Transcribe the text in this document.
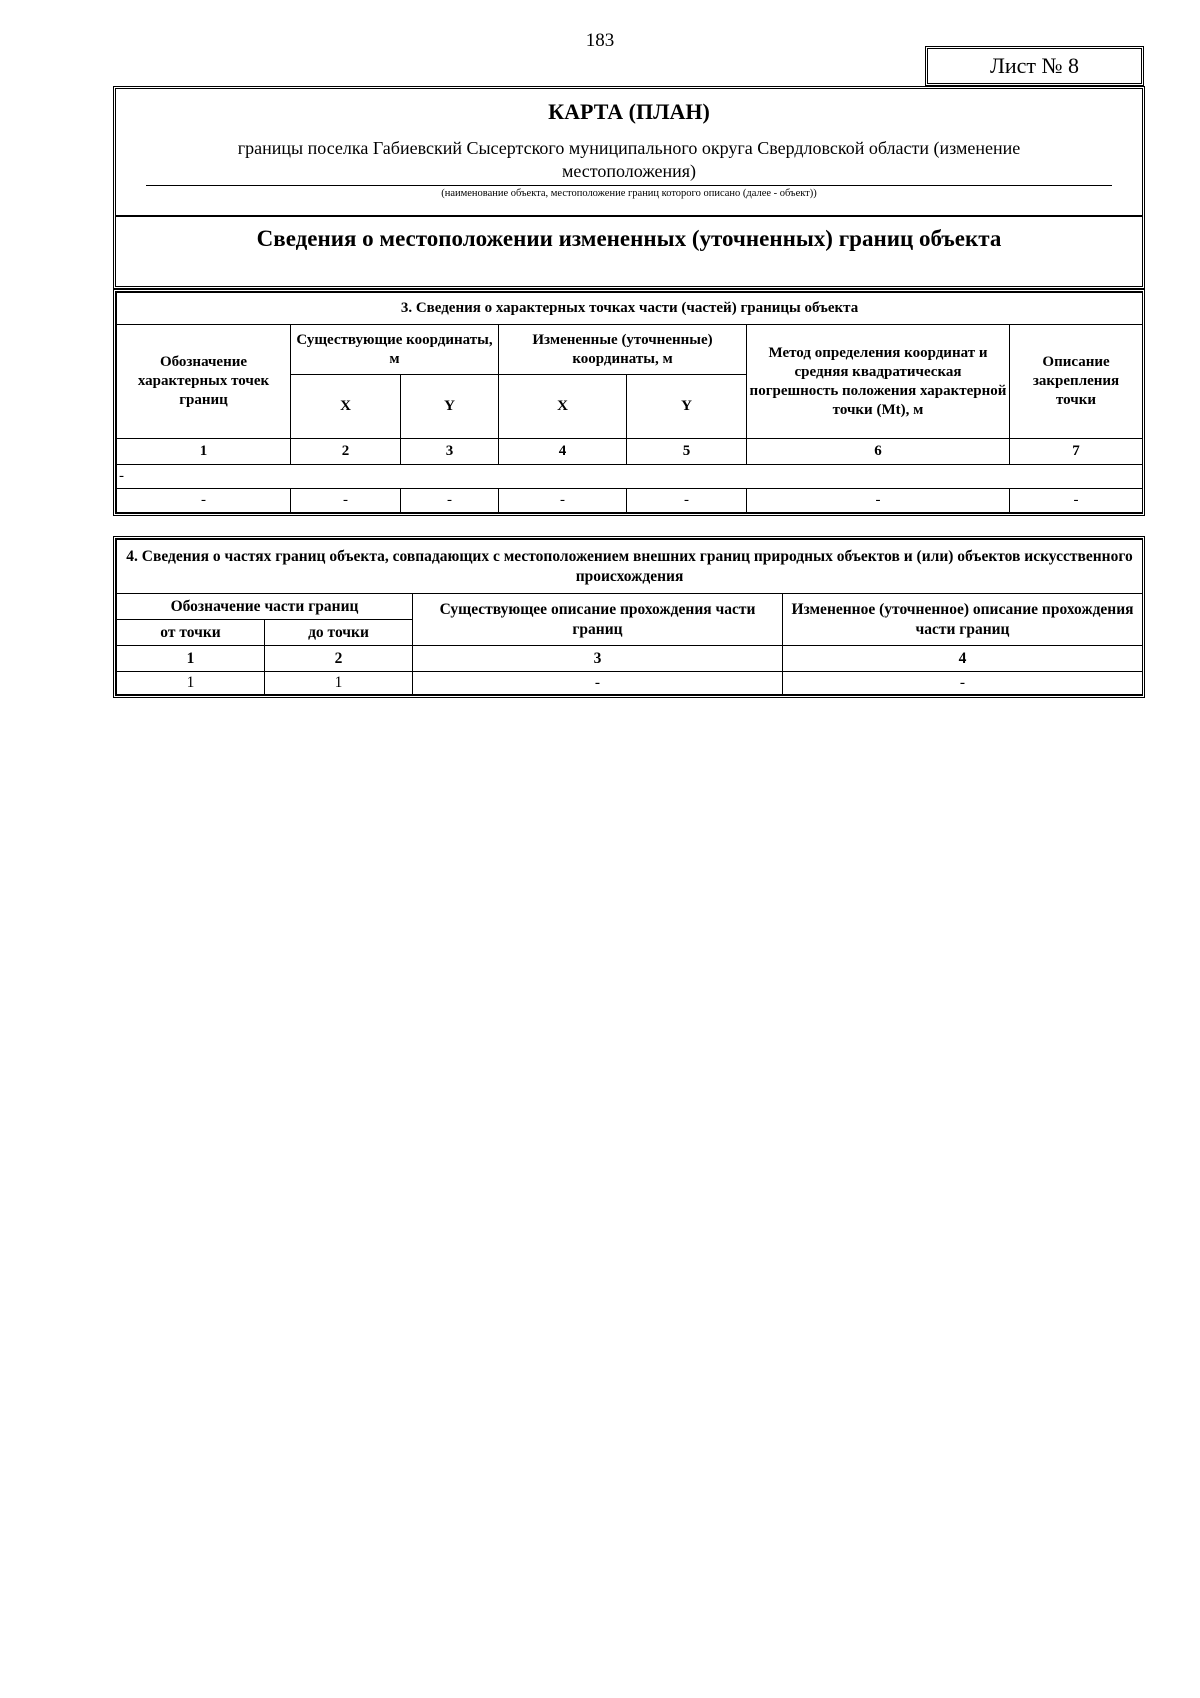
183
Лист № 8
КАРТА (ПЛАН)
границы поселка Габиевский Сысертского муниципального округа Свердловской области (изменение местоположения)
(наименование объекта, местоположение границ которого описано (далее - объект))
Сведения о местоположении измененных (уточненных) границ объекта
3. Сведения о характерных точках части (частей) границы объекта						
Обозначение характерных точек границ	Существующие координаты, м		Измененные (уточненные) координаты, м		Метод определения координат и средняя квадратическая погрешность положения характерной точки (Mt), м	Описание закрепления точки
	X	Y	X	Y		
1	2	3	4	5	6	7
-						
-	-	-	-	-	-	-
4. Сведения о частях границ объекта, совпадающих с местоположением внешних границ природных объектов и (или) объектов искусственного происхождения			
Обозначение части границ		Существующее описание прохождения части границ	Измененное (уточненное) описание прохождения части границ
от точки	до точки		
1	2	3	4
1	1	-	-
